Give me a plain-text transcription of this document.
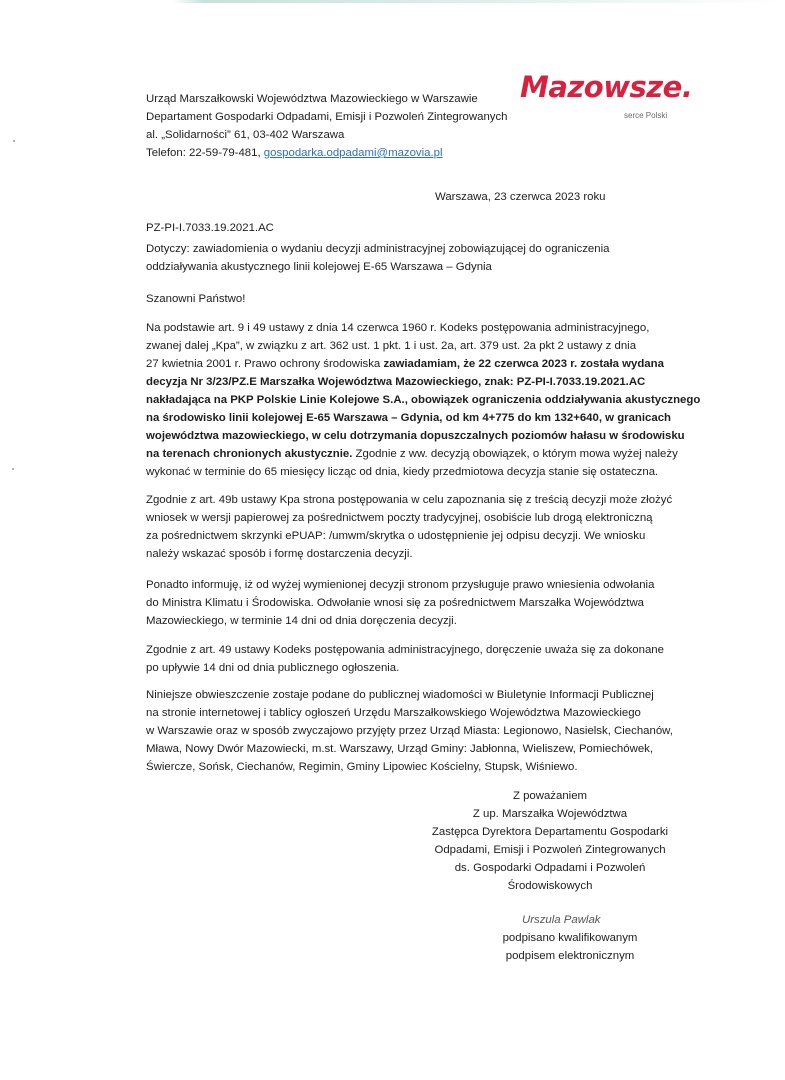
Urząd Marszałkowski Województwa Mazowieckiego w Warszawie
Departament Gospodarki Odpadami, Emisji i Pozwoleń Zintegrowanych
al. „Solidarności” 61, 03-402 Warszawa
Telefon: 22-59-79-481, gospodarka.odpadami@mazovia.pl
Mazowsze.
serce Polski
Warszawa, 23 czerwca 2023 roku
PZ-PI-I.7033.19.2021.AC
Dotyczy: zawiadomienia o wydaniu decyzji administracyjnej zobowiązującej do ograniczenia
oddziaływania akustycznego linii kolejowej E-65 Warszawa – Gdynia
Szanowni Państwo!
Na podstawie art. 9 i 49 ustawy z dnia 14 czerwca 1960 r. Kodeks postępowania administracyjnego,
zwanej dalej „Kpa”, w związku z art. 362 ust. 1 pkt. 1 i ust. 2a, art. 379 ust. 2a pkt 2 ustawy z dnia
27 kwietnia 2001 r. Prawo ochrony środowiska zawiadamiam, że 22 czerwca 2023 r. została wydana
decyzja Nr 3/23/PZ.E Marszałka Województwa Mazowieckiego, znak: PZ-PI-I.7033.19.2021.AC
nakładająca na PKP Polskie Linie Kolejowe S.A., obowiązek ograniczenia oddziaływania akustycznego
na środowisko linii kolejowej E-65 Warszawa – Gdynia, od km 4+775 do km 132+640, w granicach
województwa mazowieckiego, w celu dotrzymania dopuszczalnych poziomów hałasu w środowisku
na terenach chronionych akustycznie. Zgodnie z ww. decyzją obowiązek, o którym mowa wyżej należy
wykonać w terminie do 65 miesięcy licząc od dnia, kiedy przedmiotowa decyzja stanie się ostateczna.
Zgodnie z art. 49b ustawy Kpa strona postępowania w celu zapoznania się z treścią decyzji może złożyć
wniosek w wersji papierowej za pośrednictwem poczty tradycyjnej, osobiście lub drogą elektroniczną
za pośrednictwem skrzynki ePUAP: /umwm/skrytka o udostępnienie jej odpisu decyzji. We wniosku
należy wskazać sposób i formę dostarczenia decyzji.
Ponadto informuję, iż od wyżej wymienionej decyzji stronom przysługuje prawo wniesienia odwołania
do Ministra Klimatu i Środowiska. Odwołanie wnosi się za pośrednictwem Marszałka Województwa
Mazowieckiego, w terminie 14 dni od dnia doręczenia decyzji.
Zgodnie z art. 49 ustawy Kodeks postępowania administracyjnego, doręczenie uważa się za dokonane
po upływie 14 dni od dnia publicznego ogłoszenia.
Niniejsze obwieszczenie zostaje podane do publicznej wiadomości w Biuletynie Informacji Publicznej
na stronie internetowej i tablicy ogłoszeń Urzędu Marszałkowskiego Województwa Mazowieckiego
w Warszawie oraz w sposób zwyczajowo przyjęty przez Urząd Miasta: Legionowo, Nasielsk, Ciechanów,
Mława, Nowy Dwór Mazowiecki, m.st. Warszawy, Urząd Gminy: Jabłonna, Wieliszew, Pomiechówek,
Świercze, Sońsk, Ciechanów, Regimin, Gminy Lipowiec Kościelny, Stupsk, Wiśniewo.
Z poważaniem
Z up. Marszałka Województwa
Zastępca Dyrektora Departamentu Gospodarki
Odpadami, Emisji i Pozwoleń Zintegrowanych
ds. Gospodarki Odpadami i Pozwoleń
Środowiskowych
Urszula Pawlak
podpisano kwalifikowanym
podpisem elektronicznym
